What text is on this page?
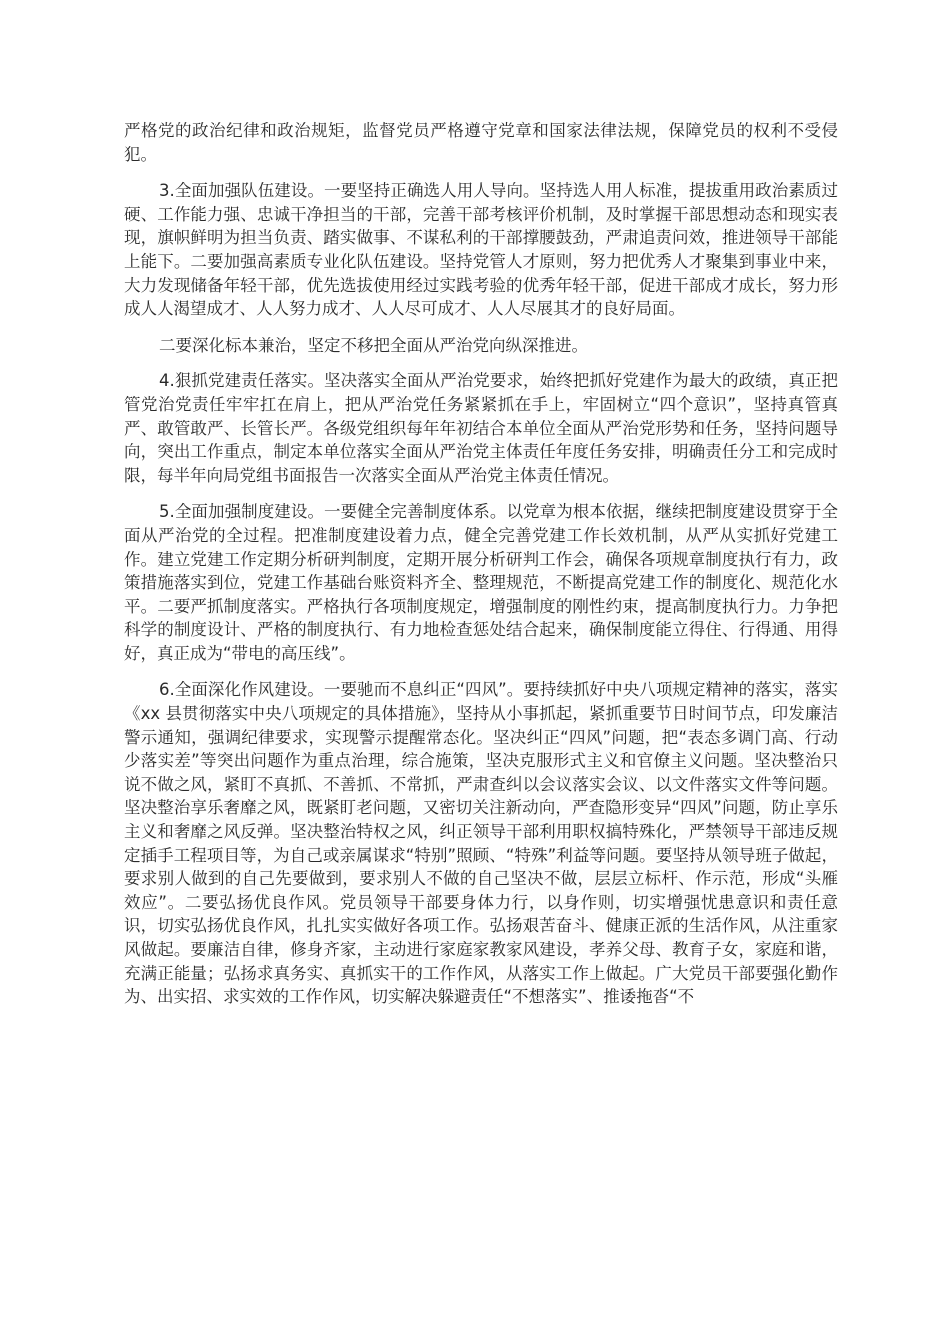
严格党的政治纪律和政治规矩，监督党员严格遵守党章和国家法律法规，保障党员的权利不受侵犯。

3.全面加强队伍建设。一要坚持正确选人用人导向。坚持选人用人标准，提拔重用政治素质过硬、工作能力强、忠诚干净担当的干部，完善干部考核评价机制，及时掌握干部思想动态和现实表现，旗帜鲜明为担当负责、踏实做事、不谋私利的干部撑腰鼓劲，严肃追责问效，推进领导干部能上能下。二要加强高素质专业化队伍建设。坚持党管人才原则，努力把优秀人才聚集到事业中来，大力发现储备年轻干部，优先选拔使用经过实践考验的优秀年轻干部，促进干部成才成长，努力形成人人渴望成才、人人努力成才、人人尽可成才、人人尽展其才的良好局面。

二要深化标本兼治，坚定不移把全面从严治党向纵深推进。

4.狠抓党建责任落实。坚决落实全面从严治党要求，始终把抓好党建作为最大的政绩，真正把管党治党责任牢牢扛在肩上，把从严治党任务紧紧抓在手上，牢固树立“四个意识”，坚持真管真严、敢管敢严、长管长严。各级党组织每年年初结合本单位全面从严治党形势和任务，坚持问题导向，突出工作重点，制定本单位落实全面从严治党主体责任年度任务安排，明确责任分工和完成时限，每半年向局党组书面报告一次落实全面从严治党主体责任情况。

5.全面加强制度建设。一要健全完善制度体系。以党章为根本依据，继续把制度建设贯穿于全面从严治党的全过程。把准制度建设着力点，健全完善党建工作长效机制，从严从实抓好党建工作。建立党建工作定期分析研判制度，定期开展分析研判工作会，确保各项规章制度执行有力，政策措施落实到位，党建工作基础台账资料齐全、整理规范，不断提高党建工作的制度化、规范化水平。二要严抓制度落实。严格执行各项制度规定，增强制度的刚性约束，提高制度执行力。力争把科学的制度设计、严格的制度执行、有力地检查惩处结合起来，确保制度能立得住、行得通、用得好，真正成为“带电的高压线”。

6.全面深化作风建设。一要驰而不息纠正“四风”。要持续抓好中央八项规定精神的落实，落实《xx 县贯彻落实中央八项规定的具体措施》，坚持从小事抓起，紧抓重要节日时间节点，印发廉洁警示通知，强调纪律要求，实现警示提醒常态化。坚决纠正“四风”问题，把“表态多调门高、行动少落实差”等突出问题作为重点治理，综合施策，坚决克服形式主义和官僚主义问题。坚决整治只说不做之风，紧盯不真抓、不善抓、不常抓，严肃查纠以会议落实会议、以文件落实文件等问题。坚决整治享乐奢靡之风，既紧盯老问题，又密切关注新动向，严查隐形变异“四风”问题，防止享乐主义和奢靡之风反弹。坚决整治特权之风，纠正领导干部利用职权搞特殊化，严禁领导干部违反规定插手工程项目等，为自己或亲属谋求“特别”照顾、“特殊”利益等问题。要坚持从领导班子做起，要求别人做到的自己先要做到，要求别人不做的自己坚决不做，层层立标杆、作示范，形成“头雁效应”。二要弘扬优良作风。党员领导干部要身体力行，以身作则，切实增强忧患意识和责任意识，切实弘扬优良作风，扎扎实实做好各项工作。弘扬艰苦奋斗、健康正派的生活作风，从注重家风做起。要廉洁自律，修身齐家，主动进行家庭家教家风建设，孝养父母、教育子女，家庭和谐，充满正能量；弘扬求真务实、真抓实干的工作作风，从落实工作上做起。广大党员干部要强化勤作为、出实招、求实效的工作作风，切实解决躲避责任“不想落实”、推诿拖沓“不
